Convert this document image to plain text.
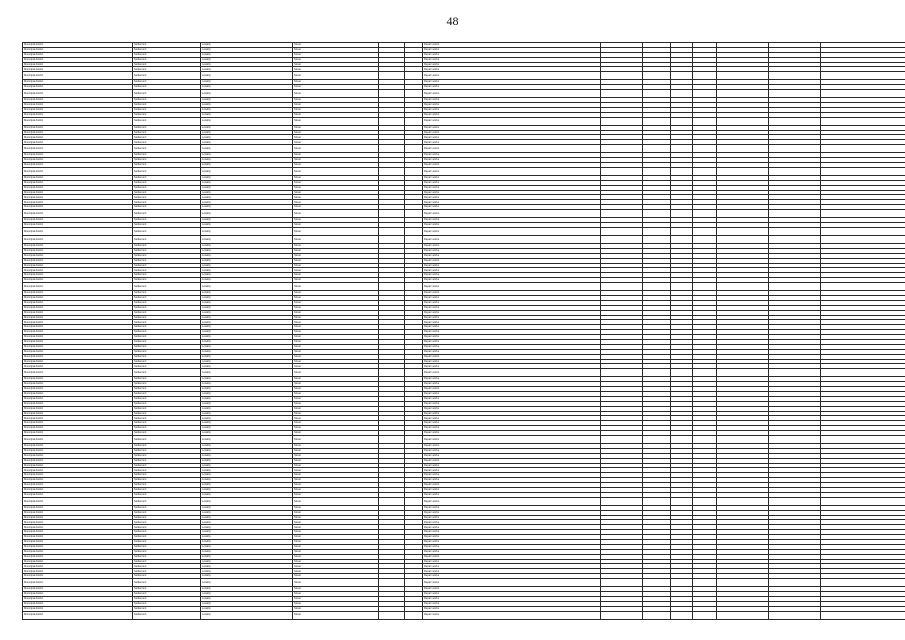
48
Municipal district	Settlement	Locality	Street			Repair works							
Municipal district	Settlement	Locality	Street			Repair works							
Municipal district	Settlement	Locality	Street			Repair works							
Municipal district	Settlement	Locality	Street			Repair works							
Municipal district	Settlement	Locality	Street			Repair works							
Municipal district	Settlement	Locality	Street			Repair works							
Municipal district	Settlement	Locality	Street			Repair works							
Municipal district	Settlement	Locality	Street			Repair works							
Municipal district	Settlement	Locality	Street			Repair works							
Municipal district	Settlement	Locality	Street			Repair works							
Municipal district	Settlement	Locality	Street			Repair works							
Municipal district	Settlement	Locality	Street			Repair works							
Municipal district	Settlement	Locality	Street			Repair works							
Municipal district	Settlement	Locality	Street			Repair works							
Municipal district	Settlement	Locality	Street			Repair works							
Municipal district	Settlement	Locality	Street			Repair works							
Municipal district	Settlement	Locality	Street			Repair works							
Municipal district	Settlement	Locality	Street			Repair works							
Municipal district	Settlement	Locality	Street			Repair works							
Municipal district	Settlement	Locality	Street			Repair works							
Municipal district	Settlement	Locality	Street			Repair works							
Municipal district	Settlement	Locality	Street			Repair works							
Municipal district	Settlement	Locality	Street			Repair works							
Municipal district	Settlement	Locality	Street			Repair works							
Municipal district	Settlement	Locality	Street			Repair works							
Municipal district	Settlement	Locality	Street			Repair works							
Municipal district	Settlement	Locality	Street			Repair works							
Municipal district	Settlement	Locality	Street			Repair works							
Municipal district	Settlement	Locality	Street			Repair works							
Municipal district	Settlement	Locality	Street			Repair works							
Municipal district	Settlement	Locality	Street			Repair works							
Municipal district	Settlement	Locality	Street			Repair works							
Municipal district	Settlement	Locality	Street			Repair works							
Municipal district	Settlement	Locality	Street			Repair works							
Municipal district	Settlement	Locality	Street			Repair works							
Municipal district	Settlement	Locality	Street			Repair works							
Municipal district	Settlement	Locality	Street			Repair works							
Municipal district	Settlement	Locality	Street			Repair works							
Municipal district	Settlement	Locality	Street			Repair works							
Municipal district	Settlement	Locality	Street			Repair works							
Municipal district	Settlement	Locality	Street			Repair works							
Municipal district	Settlement	Locality	Street			Repair works							
Municipal district	Settlement	Locality	Street			Repair works							
Municipal district	Settlement	Locality	Street			Repair works							
Municipal district	Settlement	Locality	Street			Repair works							
Municipal district	Settlement	Locality	Street			Repair works							
Municipal district	Settlement	Locality	Street			Repair works							
Municipal district	Settlement	Locality	Street			Repair works							
Municipal district	Settlement	Locality	Street			Repair works							
Municipal district	Settlement	Locality	Street			Repair works							
Municipal district	Settlement	Locality	Street			Repair works							
Municipal district	Settlement	Locality	Street			Repair works							
Municipal district	Settlement	Locality	Street			Repair works							
Municipal district	Settlement	Locality	Street			Repair works							
Municipal district	Settlement	Locality	Street			Repair works							
Municipal district	Settlement	Locality	Street			Repair works							
Municipal district	Settlement	Locality	Street			Repair works							
Municipal district	Settlement	Locality	Street			Repair works							
Municipal district	Settlement	Locality	Street			Repair works							
Municipal district	Settlement	Locality	Street			Repair works							
Municipal district	Settlement	Locality	Street			Repair works							
Municipal district	Settlement	Locality	Street			Repair works							
Municipal district	Settlement	Locality	Street			Repair works							
Municipal district	Settlement	Locality	Street			Repair works							
Municipal district	Settlement	Locality	Street			Repair works							
Municipal district	Settlement	Locality	Street			Repair works							
Municipal district	Settlement	Locality	Street			Repair works							
Municipal district	Settlement	Locality	Street			Repair works							
Municipal district	Settlement	Locality	Street			Repair works							
Municipal district	Settlement	Locality	Street			Repair works							
Municipal district	Settlement	Locality	Street			Repair works							
Municipal district	Settlement	Locality	Street			Repair works							
Municipal district	Settlement	Locality	Street			Repair works							
Municipal district	Settlement	Locality	Street			Repair works							
Municipal district	Settlement	Locality	Street			Repair works							
Municipal district	Settlement	Locality	Street			Repair works							
Municipal district	Settlement	Locality	Street			Repair works							
Municipal district	Settlement	Locality	Street			Repair works							
Municipal district	Settlement	Locality	Street			Repair works							
Municipal district	Settlement	Locality	Street			Repair works							
Municipal district	Settlement	Locality	Street			Repair works							
Municipal district	Settlement	Locality	Street			Repair works							
Municipal district	Settlement	Locality	Street			Repair works							
Municipal district	Settlement	Locality	Street			Repair works							
Municipal district	Settlement	Locality	Street			Repair works							
Municipal district	Settlement	Locality	Street			Repair works							
Municipal district	Settlement	Locality	Street			Repair works							
Municipal district	Settlement	Locality	Street			Repair works							
Municipal district	Settlement	Locality	Street			Repair works							
Municipal district	Settlement	Locality	Street			Repair works							
Municipal district	Settlement	Locality	Street			Repair works							
Municipal district	Settlement	Locality	Street			Repair works							
Municipal district	Settlement	Locality	Street			Repair works							
Municipal district	Settlement	Locality	Street			Repair works							
Municipal district	Settlement	Locality	Street			Repair works							
Municipal district	Settlement	Locality	Street			Repair works							
Municipal district	Settlement	Locality	Street			Repair works							
Municipal district	Settlement	Locality	Street			Repair works							
Municipal district	Settlement	Locality	Street			Repair works							
Municipal district	Settlement	Locality	Street			Repair works							
Municipal district	Settlement	Locality	Street			Repair works							
Municipal district	Settlement	Locality	Street			Repair works							
Municipal district	Settlement	Locality	Street			Repair works							
Municipal district	Settlement	Locality	Street			Repair works							
Municipal district	Settlement	Locality	Street			Repair works							
Municipal district	Settlement	Locality	Street			Repair works							
Municipal district	Settlement	Locality	Street			Repair works							
Municipal district	Settlement	Locality	Street			Repair works							
Municipal district	Settlement	Locality	Street			Repair works							
